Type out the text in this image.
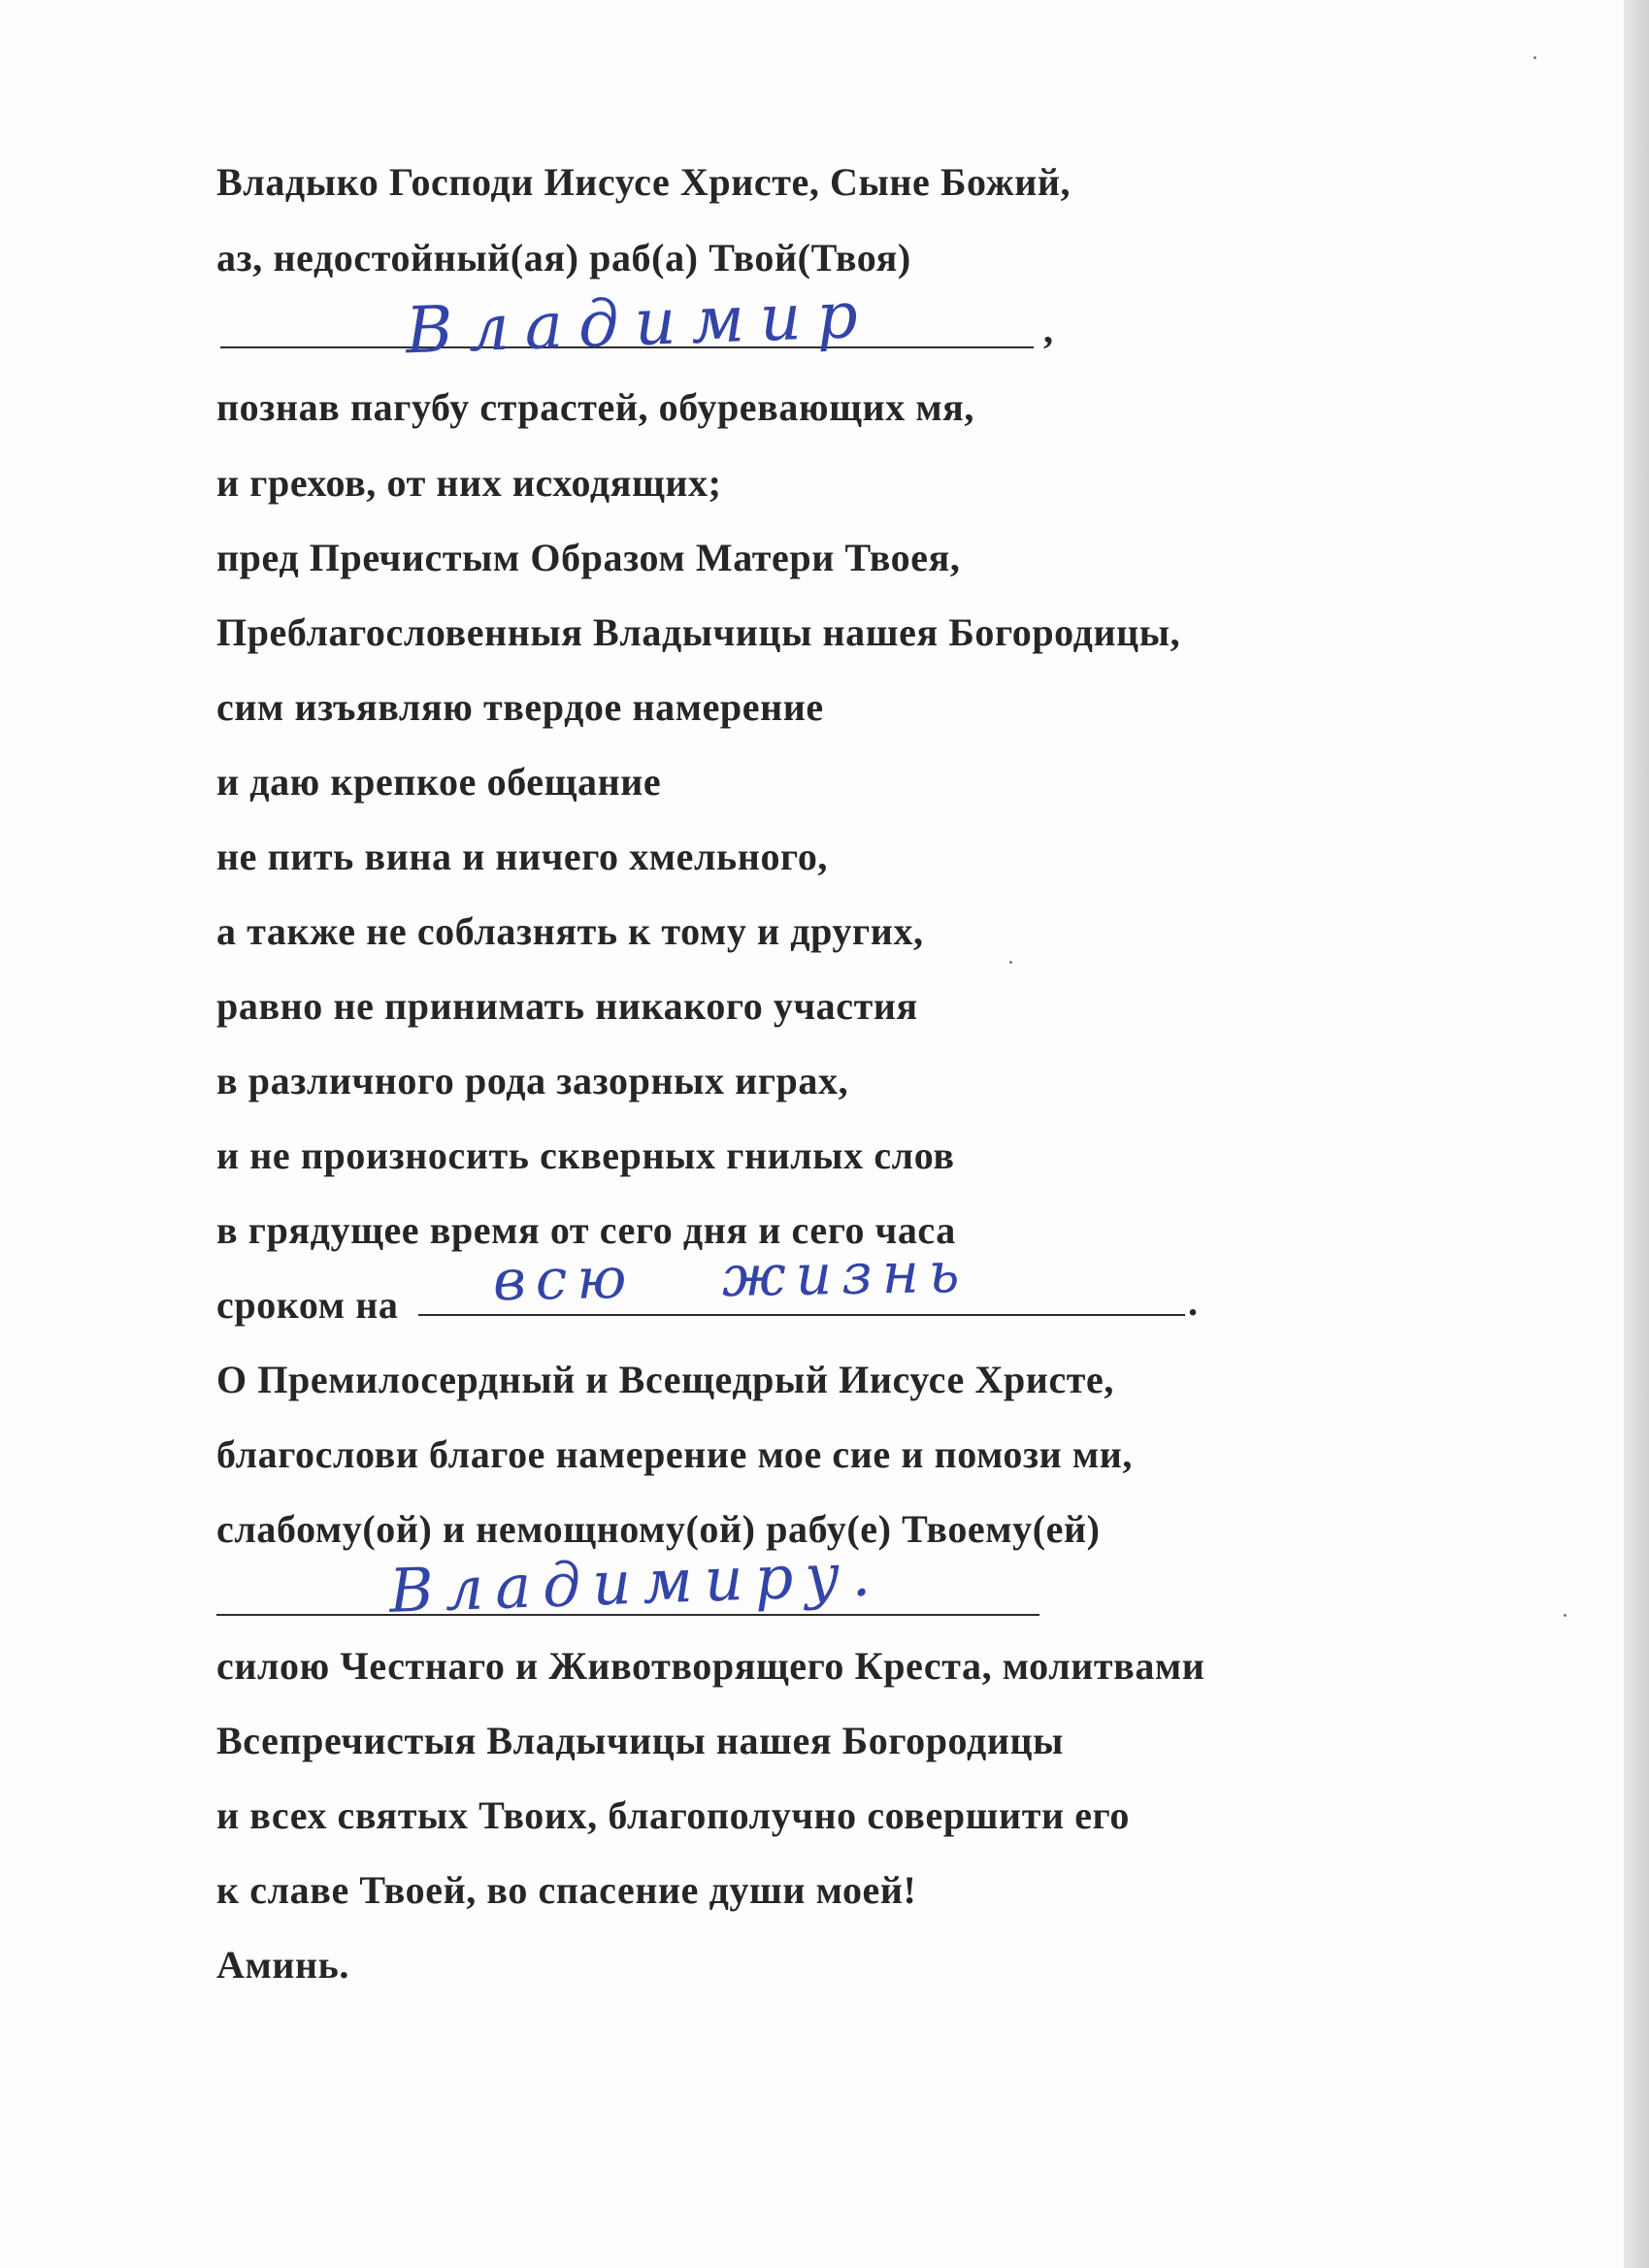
Владыко Господи Иисусе Христе, Сыне Божий,
аз, недостойный(ая) раб(а) Твой(Твоя)
Владимир	,
познав пагубу страстей, обуревающих мя,
и грехов, от них исходящих;
пред Пречистым Образом Матери Твоея,
Преблагословенныя Владычицы нашея Богородицы,
сим изъявляю твердое намерение
и даю крепкое обещание
не пить вина и ничего хмельного,
а также не соблазнять к тому и других,
равно не принимать никакого участия
в различного рода зазорных играх,
и не произносить скверных гнилых слов
в грядущее время от сего дня и сего часа
сроком на всю жизнь	.
О Премилосердный и Всещедрый Иисусе Христе,
благослови благое намерение мое сие и помози ми,
слабому(ой) и немощному(ой) рабу(е) Твоему(ей)
Владимиру.
силою Честнаго и Животворящего Креста, молитвами
Всепречистыя Владычицы нашея Богородицы
и всех святых Твоих, благополучно совершити его
к славе Твоей, во спасение души моей!
Аминь.
